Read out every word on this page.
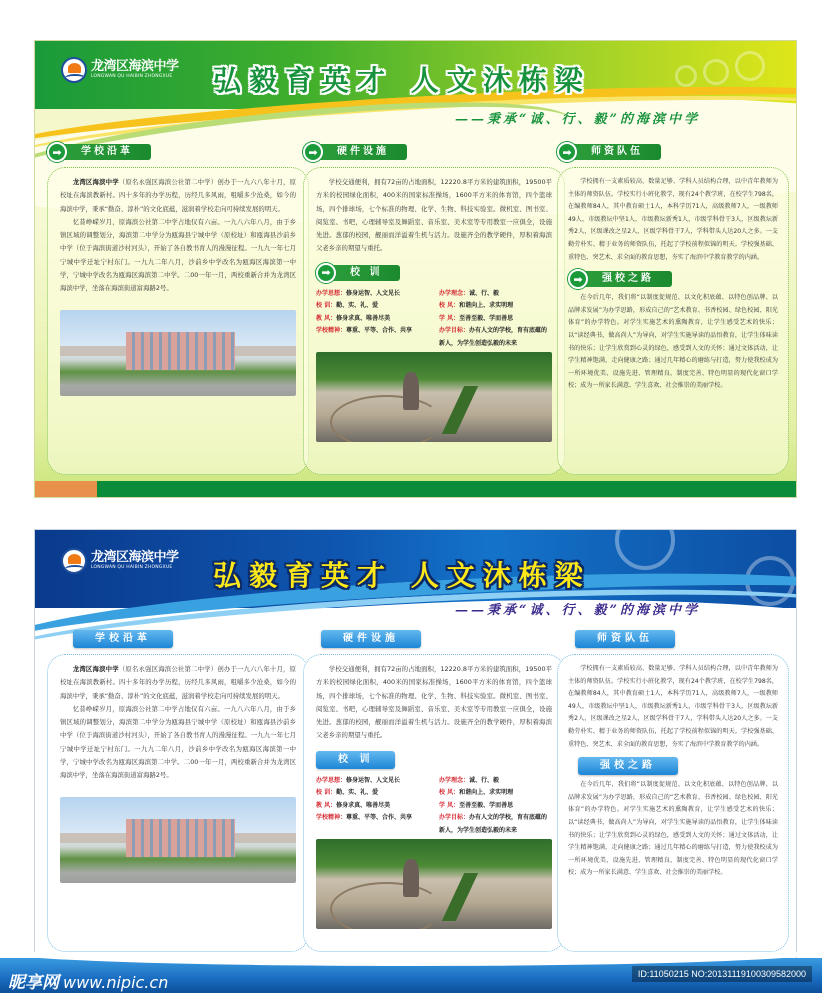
龙湾区海滨中学
LONGWAN QU HAIBIN ZHONGXUE 弘毅育英才 人文沐栋梁
——秉承“诚、行、毅”的海滨中学
➡	学校沿革

龙湾区海滨中学（原名永强区海滨公社第二中学）创办于一九六八年十月，原校址在海滨教新村。四十多年的办学历程，历经几多风雨，咀嚼多少沧桑，如今的海滨中学，秉承“勤奋、淳朴”的文化底蕴，滋润着学校走向可持续发展的明天。

忆昔峥嵘岁月，原海滨公社第二中学占地仅有六亩。一九八六年八月，由于乡镇区域的调整划分，海滨第二中学分为瓯海县宁城中学（原校址）和瓯海县沙前乡中学（位于海滨街道沙村河头），开始了各自教书育人的漫漫征程。一九九一年七月宁城中学迁址宁村东门。一九九二年八月，沙前乡中学改名为瓯海区海滨第一中学，宁城中学改名为瓯海区海滨第二中学。二00一年一月，两校重新合并为龙湾区海滨中学，坐落在海滨街道富海路2号。

➡	硬件设施

学校交通便利，拥有72亩的占地面积，12220.8平方米的建筑面积，19500平方米的校园绿化面积，400米的国家标准操场，1600平方米的体育馆，四个篮球场，四个排球场，七个标准的物理、化学、生物、科技实验室。微机室、图书室、阅览室、书吧，心理辅导室及舞蹈室、音乐室、美术室等专用教室一应俱全，设施先进。葱郁的校园，靓丽而洋溢着生机与活力。设施齐全的教学硬件，厚积着海滨父老乡亲的期望与重托。

➡	校 训
办学思想：修身运智、人文见长	办学理念：诚、行、毅
校 训：勤、实、礼、爱	校 风：和谐向上、求实明理
教 风：修身求真、唯善尽美	学 风：至善至毅、学而善思
学校精神：尊重、平等、合作、共享	办学目标：办有人文的学校，育有底蕴的新人，为学生创造弘毅的未来
➡	师资队伍

学校拥有一支素质较高、数量足够、学科人员结构合理，以中青年教师为主体的师资队伍。学校实行小班化教学，现有24个教学班，在校学生798名，在编教师84人，其中教育硕士1人，本科学历71人，高级教师7人，一级教师49人，市级教坛中坚1人，市级教坛新秀1人，市级学科骨干3人，区级教坛新秀2人，区级课改之星2人，区级学科骨干7人，学科带头人达20人之多。一支勤劳朴实、精于业务的师资队伍，托起了学校前程似锦的明天。学校强基础、重特色、突艺术、求全面的教育思想，夯实了海滨中学教育教学的内涵。

➡	强校之路

在今后几年，我们将“以制度促规范、以文化积底蕴、以特色创品牌、以品牌求发展”为办学思路，形成自己的“艺术教育、书香校园、绿色校园、阳光体育”的办学特色。对学生实施艺术的熏陶教育，让学生感受艺术的快乐；以“读经典书，做高尚人”为导向，对学生实施导读的品悟教育，让学生体味读书的快乐；让学生欣赏到心灵的绿色，感受到人文的关怀；通过文体活动，让学生精神饱满，走向健康之路；通过几年精心的磨练与打造，努力使我校成为一所环境优美、设施先进、管理精良、制度完善、特色明显的现代化窗口学校；成为一所家长满意、学生喜欢、社会推崇的美丽学校。

龙湾区海滨中学
LONGWAN QU HAIBIN ZHONGXUE 弘毅育英才 人文沐栋梁
——秉承“诚、行、毅”的海滨中学
学校沿革

龙湾区海滨中学（原名永强区海滨公社第二中学）创办于一九六八年十月，原校址在海滨教新村。四十多年的办学历程，历经几多风雨，咀嚼多少沧桑，如今的海滨中学，秉承“勤奋、淳朴”的文化底蕴，滋润着学校走向可持续发展的明天。

忆昔峥嵘岁月，原海滨公社第二中学占地仅有六亩。一九八六年八月，由于乡镇区域的调整划分，海滨第二中学分为瓯海县宁城中学（原校址）和瓯海县沙前乡中学（位于海滨街道沙村河头），开始了各自教书育人的漫漫征程。一九九一年七月宁城中学迁址宁村东门。一九九二年八月，沙前乡中学改名为瓯海区海滨第一中学，宁城中学改名为瓯海区海滨第二中学。二00一年一月，两校重新合并为龙湾区海滨中学，坐落在海滨街道富海路2号。

硬件设施

学校交通便利，拥有72亩的占地面积，12220.8平方米的建筑面积，19500平方米的校园绿化面积，400米的国家标准操场，1600平方米的体育馆，四个篮球场，四个排球场，七个标准的物理、化学、生物、科技实验室。微机室、图书室、阅览室、书吧，心理辅导室及舞蹈室、音乐室、美术室等专用教室一应俱全，设施先进。葱郁的校园，靓丽而洋溢着生机与活力。设施齐全的教学硬件，厚积着海滨父老乡亲的期望与重托。

校 训
办学思想：修身运智、人文见长	办学理念：诚、行、毅
校 训：勤、实、礼、爱	校 风：和谐向上、求实明理
教 风：修身求真、唯善尽美	学 风：至善至毅、学而善思
学校精神：尊重、平等、合作、共享	办学目标：办有人文的学校，育有底蕴的新人，为学生创造弘毅的未来
师资队伍

学校拥有一支素质较高、数量足够、学科人员结构合理，以中青年教师为主体的师资队伍。学校实行小班化教学，现有24个教学班，在校学生798名，在编教师84人，其中教育硕士1人，本科学历71人，高级教师7人，一级教师49人，市级教坛中坚1人，市级教坛新秀1人，市级学科骨干3人，区级教坛新秀2人，区级课改之星2人，区级学科骨干7人，学科带头人达20人之多。一支勤劳朴实、精于业务的师资队伍，托起了学校前程似锦的明天。学校强基础、重特色、突艺术、求全面的教育思想，夯实了海滨中学教育教学的内涵。

强校之路

在今后几年，我们将“以制度促规范、以文化积底蕴、以特色创品牌、以品牌求发展”为办学思路，形成自己的“艺术教育、书香校园、绿色校园、阳光体育”的办学特色。对学生实施艺术的熏陶教育，让学生感受艺术的快乐；以“读经典书，做高尚人”为导向，对学生实施导读的品悟教育，让学生体味读书的快乐；让学生欣赏到心灵的绿色，感受到人文的关怀；通过文体活动，让学生精神饱满，走向健康之路；通过几年精心的磨练与打造，努力使我校成为一所环境优美、设施先进、管理精良、制度完善、特色明显的现代化窗口学校；成为一所家长满意、学生喜欢、社会推崇的美丽学校。

昵享网 www.nipic.cn	ID:11050215 NO:20131119100309582000
